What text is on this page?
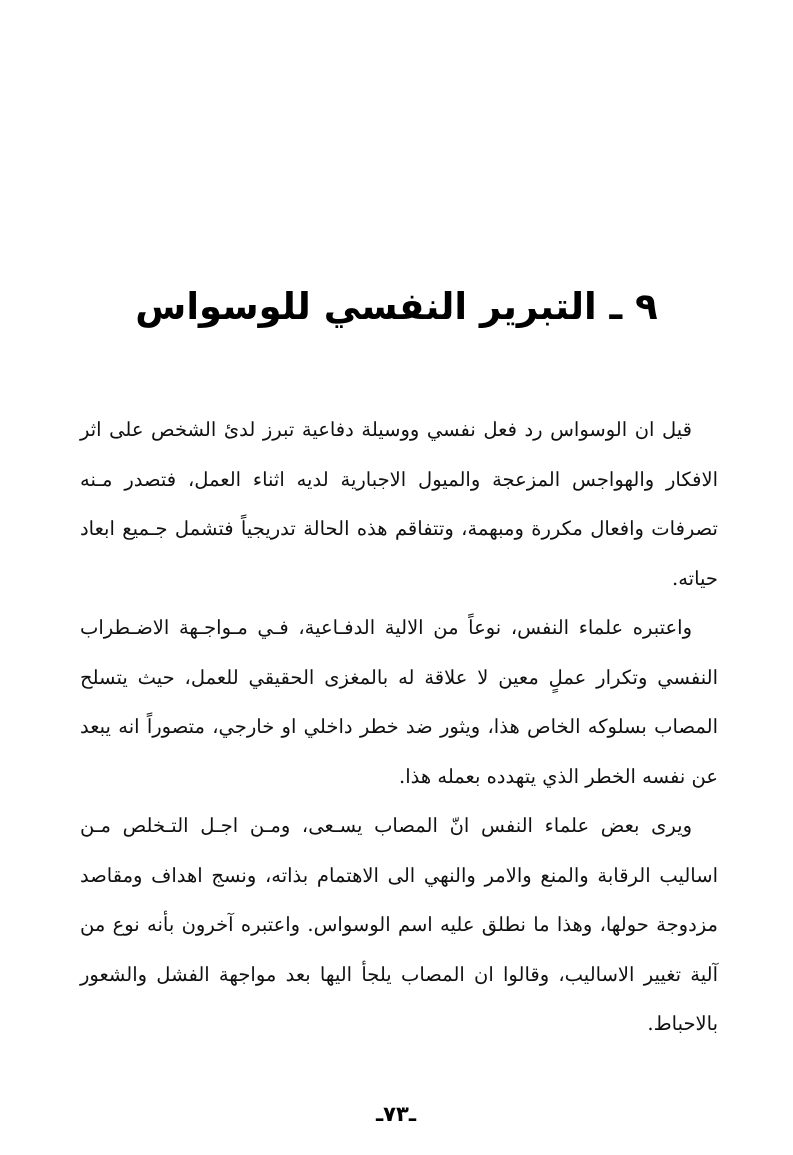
٩ ـ التبرير النفسي للوسواس

قيل ان الوسواس رد فعل نفسي ووسيلة دفاعية تبرز لدئ الشخص على اثر الافكار والهواجس المزعجة والميول الاجبارية لديه اثناء العمل، فتصدر مـنه تصرفات وافعال مكررة ومبهمة، وتتفاقم هذه الحالة تدريجياً فتشمل جـميع ابعاد حياته.

واعتبره علماء النفس، نوعاً من الالية الدفـاعية، فـي مـواجـهة الاضـطراب النفسي وتكرار عملٍ معين لا علاقة له بالمغزى الحقيقي للعمل، حيث يتسلح المصاب بسلوكه الخاص هذا، ويثور ضد خطر داخلي او خارجي، متصوراً انه يبعد عن نفسه الخطر الذي يتهدده بعمله هذا.

ويرى بعض علماء النفس انّ المصاب يسـعى، ومـن اجـل التـخلص مـن اساليب الرقابة والمنع والامر والنهي الى الاهتمام بذاته، ونسج اهداف ومقاصد مزدوجة حولها، وهذا ما نطلق عليه اسم الوسواس. واعتبره آخرون بأنه نوع من آلية تغيير الاساليب، وقالوا ان المصاب يلجأ اليها بعد مواجهة الفشل والشعور بالاحباط.

ـ٧٣ـ
